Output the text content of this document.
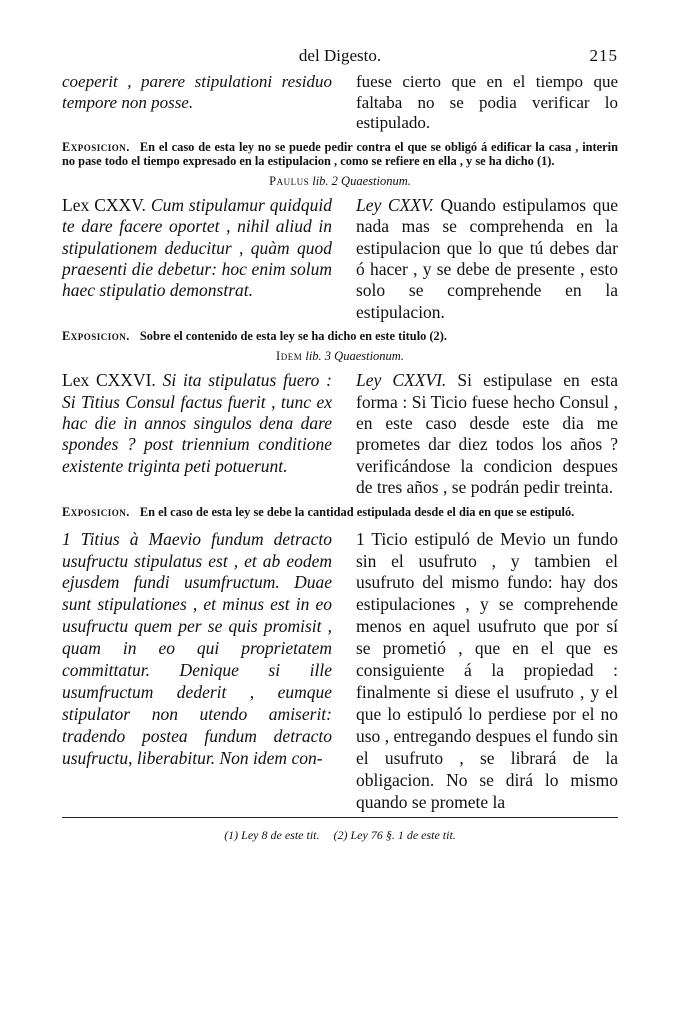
del Digesto.	215
coeperit , parere stipulationi residuo tempore non posse.
fuese cierto que en el tiempo que faltaba no se podia verificar lo estipulado.
Exposicion. En el caso de esta ley no se puede pedir contra el que se obligó á edificar la casa , interin no pase todo el tiempo expresado en la estipulacion , como se refiere en ella , y se ha dicho (1).
Paulus lib. 2 Quaestionum.
Lex CXXV. Cum stipulamur quidquid te dare facere oportet , nihil aliud in stipulationem deducitur , quàm quod praesenti die debetur: hoc enim solum haec stipulatio demonstrat.
Ley CXXV. Quando estipulamos que nada mas se comprehenda en la estipulacion que lo que tú debes dar ó hacer , y se debe de presente , esto solo se comprehende en la estipulacion.
Exposicion. Sobre el contenido de esta ley se ha dicho en este titulo (2).
Idem lib. 3 Quaestionum.
Lex CXXVI. Si ita stipulatus fuero : Si Titius Consul factus fuerit , tunc ex hac die in annos singulos dena dare spondes ? post triennium conditione existente triginta peti potuerunt.
Ley CXXVI. Si estipulase en esta forma : Si Ticio fuese hecho Consul , en este caso desde este dia me prometes dar diez todos los años ? verificándose la condicion despues de tres años , se podrán pedir treinta.
Exposicion. En el caso de esta ley se debe la cantidad estipulada desde el dia en que se estipuló.
1 Titius à Maevio fundum detracto usufructu stipulatus est , et ab eodem ejusdem fundi usumfructum. Duae sunt stipulationes , et minus est in eo usufructu quem per se quis promisit , quam in eo qui proprietatem committatur. Denique si ille usumfructum dederit , eumque stipulator non utendo amiserit: tradendo postea fundum detracto usufructu, liberabitur. Non idem con-
1 Ticio estipuló de Mevio un fundo sin el usufruto , y tambien el usufruto del mismo fundo: hay dos estipulaciones , y se comprehende menos en aquel usufruto que por sí se prometió , que en el que es consiguiente á la propiedad : finalmente si diese el usufruto , y el que lo estipuló lo perdiese por el no uso , entregando despues el fundo sin el usufruto , se librará de la obligacion. No se dirá lo mismo quando se promete la
(1) Ley 8 de este tit. (2) Ley 76 §. 1 de este tit.
